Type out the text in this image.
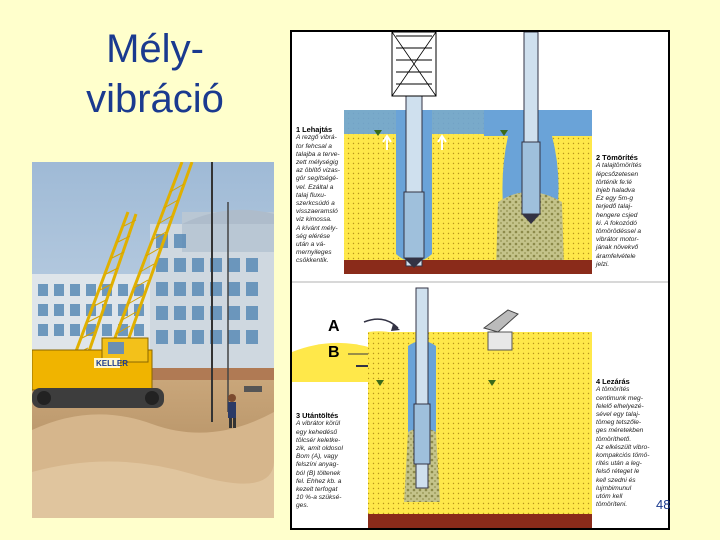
Mély-
vibráció
KELLER

1 Lehajtás
A rezgő vibrá-
tor fehcsal a
talajba a terve-
zett mélységig
az öblítő vizas-
gör segítségé-
vel. Ezáltal a
talaj fluxu-
szerkcsúdó a
visszaeramsló
viz kimossa.
A kívánt mély-
ség elérése
után a vá-
mernyileges
csökkentik.

2 Tömörítés
A talajtömörítés
lépcsőzetesen
történik fe:lé
lnjeb haladva
Ez egy 5m-g
terjedő talaj-
hengere csjed
ki. A fokozódó
tömörödéssel a
vibrátor motor-
jának növekvő
áramfelvétele
jelzi.

3 Utántöltés
A vibrátor körül
egy kehedésű
tölcsér keletke-
zik, amit oldosol
Bom (A), vagy
felszíni anyag-
ból (B) töltenek
fel. Ehhez kb. a
kezelt terfogat
10 %-a szüksé-
ges.

4 Lezárás
A tömörítés
centimunk meg-
felelő elhelyezé-
sével egy talaj-
tömeg tetszőle-
ges méretekben
tömöríthető.
Az elkészült vibro-
kompakciós tömö-
rítés után a leg-
felső réteget le
kell szedni és
lujmbimunul
utóm kell
tömöríteni.

A
B
48
